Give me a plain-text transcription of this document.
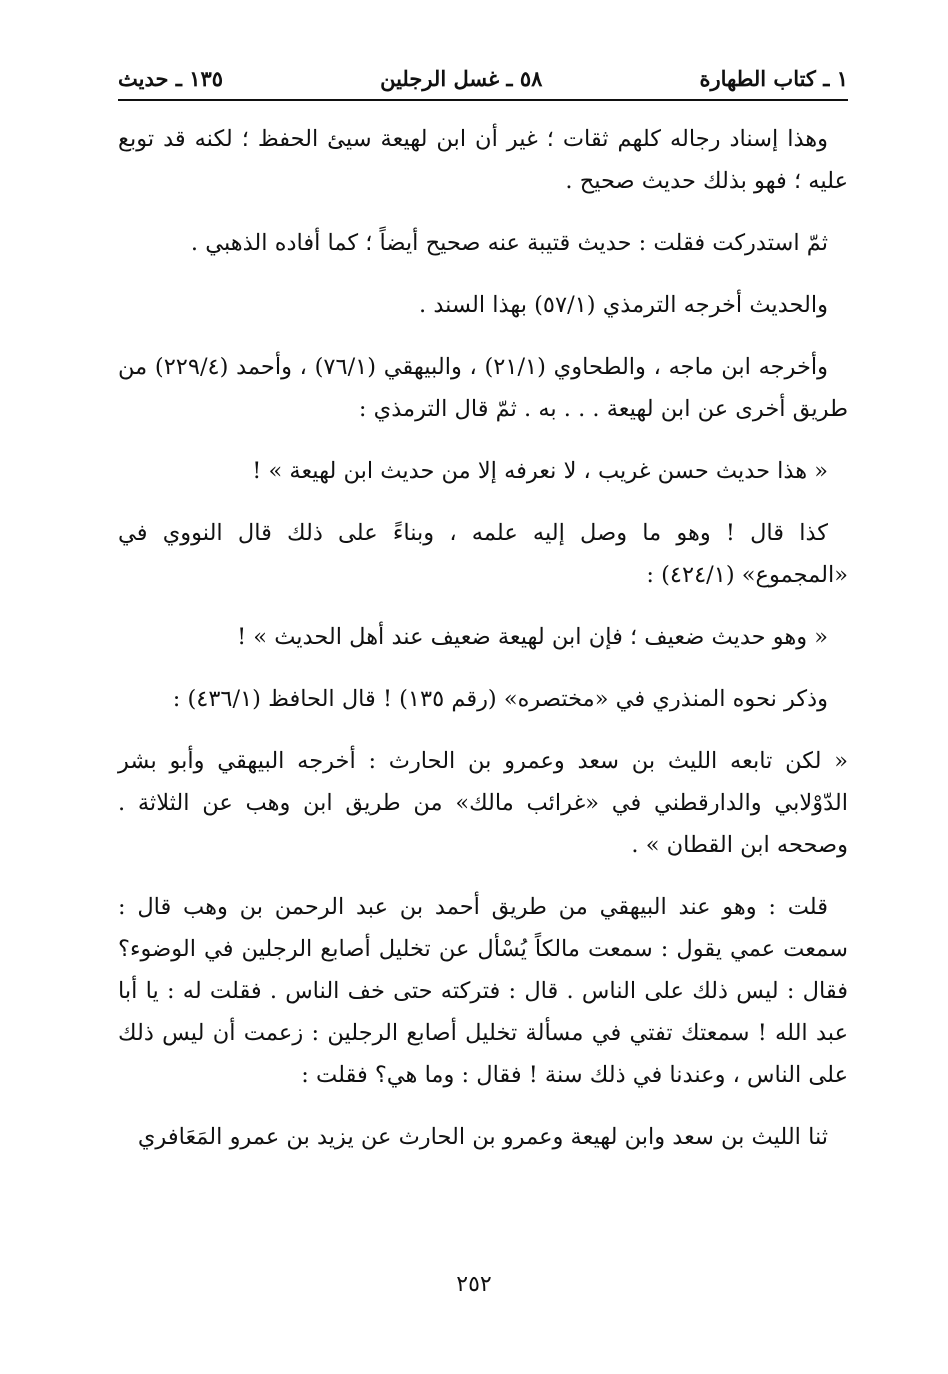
١ ـ كتاب الطهارة
٥٨ ـ غسل الرجلين
١٣٥ ـ حديث

وهذا إسناد رجاله كلهم ثقات ؛ غير أن ابن لهيعة سيئ الحفظ ؛ لكنه قد توبع عليه ؛ فهو بذلك حديث صحيح .

ثمّ استدركت فقلت : حديث قتيبة عنه صحيح أيضاً ؛ كما أفاده الذهبي .

والحديث أخرجه الترمذي (٥٧/١) بهذا السند .

وأخرجه ابن ماجه ، والطحاوي (٢١/١) ، والبيهقي (٧٦/١) ، وأحمد (٢٢٩/٤) من طريق أخرى عن ابن لهيعة . . . به . ثمّ قال الترمذي :

« هذا حديث حسن غريب ، لا نعرفه إلا من حديث ابن لهيعة » !

كذا قال ! وهو ما وصل إليه علمه ، وبناءً على ذلك قال النووي في «المجموع» (٤٢٤/١) :

« وهو حديث ضعيف ؛ فإن ابن لهيعة ضعيف عند أهل الحديث » !

وذكر نحوه المنذري في «مختصره» (رقم ١٣٥) ! قال الحافظ (٤٣٦/١) :

« لكن تابعه الليث بن سعد وعمرو بن الحارث : أخرجه البيهقي وأبو بشر الدّوْلابي والدارقطني في «غرائب مالك» من طريق ابن وهب عن الثلاثة . وصححه ابن القطان » .

قلت : وهو عند البيهقي من طريق أحمد بن عبد الرحمن بن وهب قال : سمعت عمي يقول : سمعت مالكاً يُسْأل عن تخليل أصابع الرجلين في الوضوء؟ فقال : ليس ذلك على الناس . قال : فتركته حتى خف الناس . فقلت له : يا أبا عبد الله ! سمعتك تفتي في مسألة تخليل أصابع الرجلين : زعمت أن ليس ذلك على الناس ، وعندنا في ذلك سنة ! فقال : وما هي؟ فقلت :

ثنا الليث بن سعد وابن لهيعة وعمرو بن الحارث عن يزيد بن عمرو المَعَافري

٢٥٢
